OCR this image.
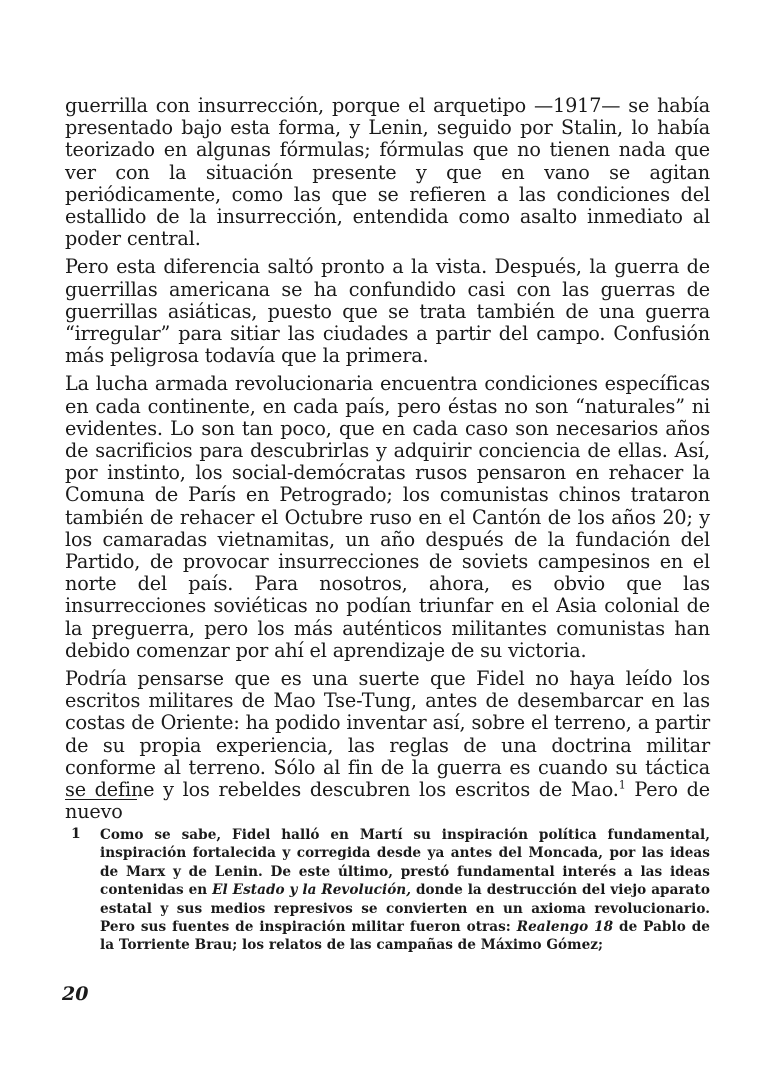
guerrilla con insurrección, porque el arquetipo —1917— se había presentado bajo esta forma, y Lenin, seguido por Stalin, lo había teorizado en algunas fórmulas; fórmulas que no tienen nada que ver con la situación presente y que en vano se agitan periódicamente, como las que se refieren a las condiciones del estallido de la insurrección, entendida como asalto inmediato al poder central.

Pero esta diferencia saltó pronto a la vista. Después, la guerra de guerrillas americana se ha confundido casi con las guerras de guerrillas asiáticas, puesto que se trata también de una guerra “irregular” para sitiar las ciudades a partir del campo. Confusión más peligrosa todavía que la primera.

La lucha armada revolucionaria encuentra condiciones específicas en cada continente, en cada país, pero éstas no son “naturales” ni evidentes. Lo son tan poco, que en cada caso son necesarios años de sacrificios para descubrirlas y adquirir conciencia de ellas. Así, por instinto, los social-demócratas rusos pensaron en rehacer la Comuna de París en Petrogrado; los comunistas chinos trataron también de rehacer el Octubre ruso en el Cantón de los años 20; y los camaradas vietnamitas, un año después de la fundación del Partido, de provocar insurrecciones de soviets campesinos en el norte del país. Para nosotros, ahora, es obvio que las insurrecciones soviéticas no podían triunfar en el Asia colonial de la preguerra, pero los más auténticos militantes comunistas han debido comenzar por ahí el aprendizaje de su victoria.

Podría pensarse que es una suerte que Fidel no haya leído los escritos militares de Mao Tse-Tung, antes de desembarcar en las costas de Oriente: ha podido inventar así, sobre el terreno, a partir de su propia experiencia, las reglas de una doctrina militar conforme al terreno. Sólo al fin de la guerra es cuando su táctica se define y los rebeldes descubren los escritos de Mao.$^1$ Pero de nuevo

1 Como se sabe, Fidel halló en Martí su inspiración política fundamental, inspiración fortalecida y corregida desde ya antes del Moncada, por las ideas de Marx y de Lenin. De este último, prestó fundamental interés a las ideas contenidas en El Estado y la Revolución, donde la destrucción del viejo aparato estatal y sus medios represivos se convierten en un axioma revolucionario. Pero sus fuentes de inspiración militar fueron otras: Realengo 18 de Pablo de la Torriente Brau; los relatos de las campañas de Máximo Gómez;
20
